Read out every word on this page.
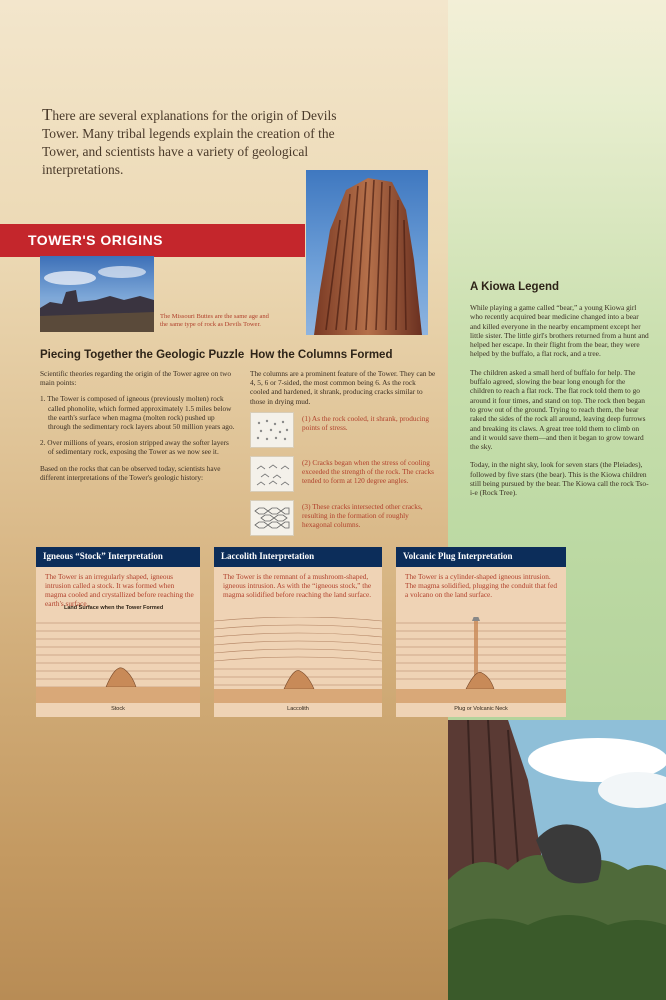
There are several explanations for the origin of Devils Tower. Many tribal legends explain the creation of the Tower, and scientists have a variety of geological interpretations.
TOWER'S ORIGINS
The Missouri Buttes are the same age and the same type of rock as Devils Tower.
Piecing Together the Geologic Puzzle

Scientific theories regarding the origin of the Tower agree on two main points:

1. The Tower is composed of igneous (previously molten) rock called phonolite, which formed approximately 1.5 miles below the earth's surface when magma (molten rock) pushed up through the sedimentary rock layers about 50 million years ago.

2. Over millions of years, erosion stripped away the softer layers of sedimentary rock, exposing the Tower as we now see it.

Based on the rocks that can be observed today, scientists have different interpretations of the Tower's geologic history:

How the Columns Formed
The columns are a prominent feature of the Tower. They can be 4, 5, 6 or 7-sided, the most common being 6. As the rock cooled and hardened, it shrank, producing cracks similar to those in drying mud.
(1) As the rock cooled, it shrank, producing points of stress.
(2) Cracks began when the stress of cooling exceeded the strength of the rock. The cracks tended to form at 120 degree angles.
(3) These cracks intersected other cracks, resulting in the formation of roughly hexagonal columns.
Igneous “Stock” Interpretation
The Tower is an irregularly shaped, igneous intrusion called a stock. It was formed when magma cooled and crystallized before reaching the earth's surface.
Land Surface when the Tower Formed
Stock
Laccolith Interpretation
The Tower is the remnant of a mushroom-shaped, igneous intrusion. As with the “igneous stock,” the magma solidified before reaching the land surface.
Laccolith
Volcanic Plug Interpretation
The Tower is a cylinder-shaped igneous intrusion. The magma solidified, plugging the conduit that fed a volcano on the land surface.
Plug or Volcanic Neck
A Kiowa Legend

While playing a game called “bear,” a young Kiowa girl who recently acquired bear medicine changed into a bear and killed everyone in the nearby encampment except her little sister. The little girl's brothers returned from a hunt and helped her escape. In their flight from the bear, they were helped by the buffalo, a flat rock, and a tree.

The children asked a small herd of buffalo for help. The buffalo agreed, slowing the bear long enough for the children to reach a flat rock. The flat rock told them to go around it four times, and stand on top. The rock then began to grow out of the ground. Trying to reach them, the bear raked the sides of the rock all around, leaving deep furrows and breaking its claws. A great tree told them to climb on and it would save them—and then it began to grow toward the sky.

Today, in the night sky, look for seven stars (the Pleiades), followed by five stars (the bear). This is the Kiowa children still being pursued by the bear. The Kiowa call the rock Tso-i-e (Rock Tree).
